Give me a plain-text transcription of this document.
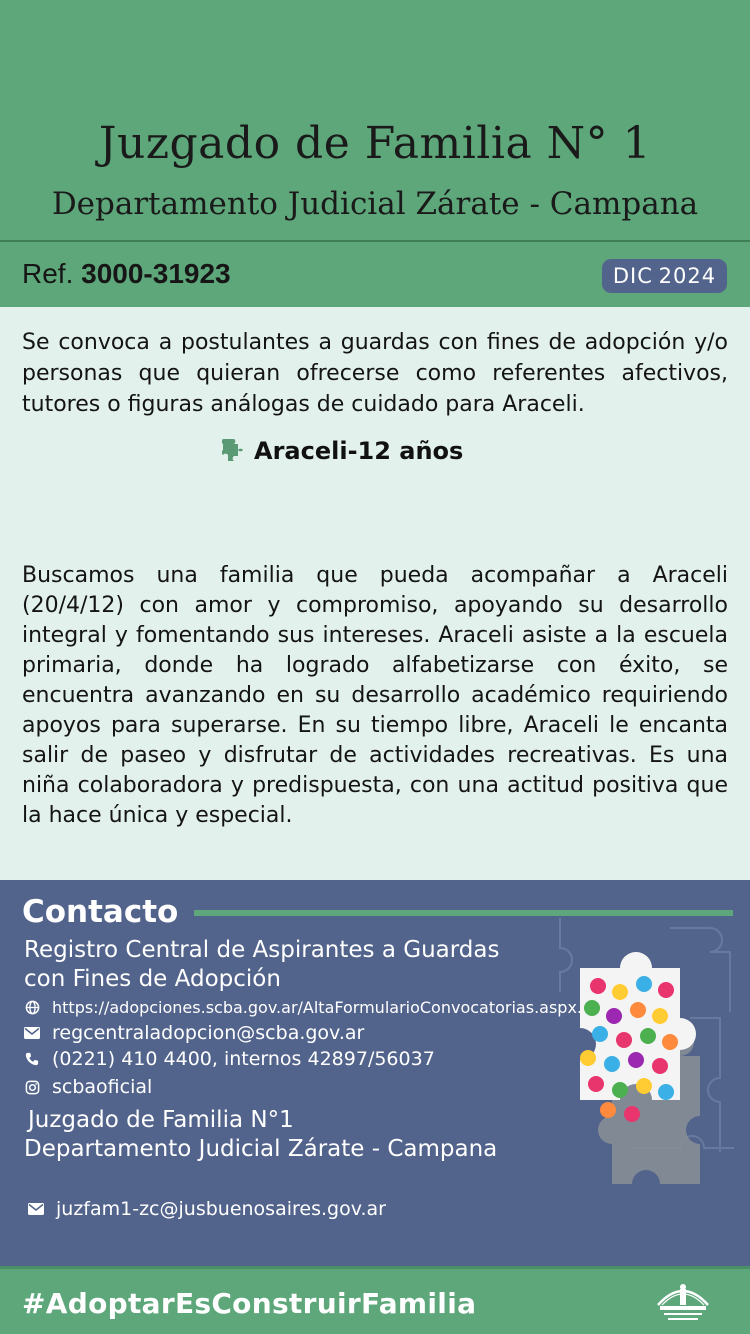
Juzgado de Familia N° 1
Departamento Judicial Zárate - Campana
Ref. 3000-31923	DIC 2024

Se convoca a postulantes a guardas con fines de adopción y/o personas que quieran ofrecerse como referentes afectivos, tutores o figuras análogas de cuidado para Araceli.

Araceli-12 años

Buscamos una familia que pueda acompañar a Araceli (20/4/12) con amor y compromiso, apoyando su desarrollo integral y fomentando sus intereses. Araceli asiste a la escuela primaria, donde ha logrado alfabetizarse con éxito, se encuentra avanzando en su desarrollo académico requiriendo apoyos para superarse. En su tiempo libre, Araceli le encanta salir de paseo y disfrutar de actividades recreativas. Es una niña colaboradora y predispuesta, con una actitud positiva que la hace única y especial.

Contacto
Registro Central de Aspirantes a Guardas
con Fines de Adopción
https://adopciones.scba.gov.ar/AltaFormularioConvocatorias.aspx.
regcentraladopcion@scba.gov.ar
(0221) 410 4400, internos 42897/56037
scbaoficial
Juzgado de Familia N°1
Departamento Judicial Zárate - Campana
juzfam1-zc@jusbuenosaires.gov.ar
#AdoptarEsConstruirFamilia
